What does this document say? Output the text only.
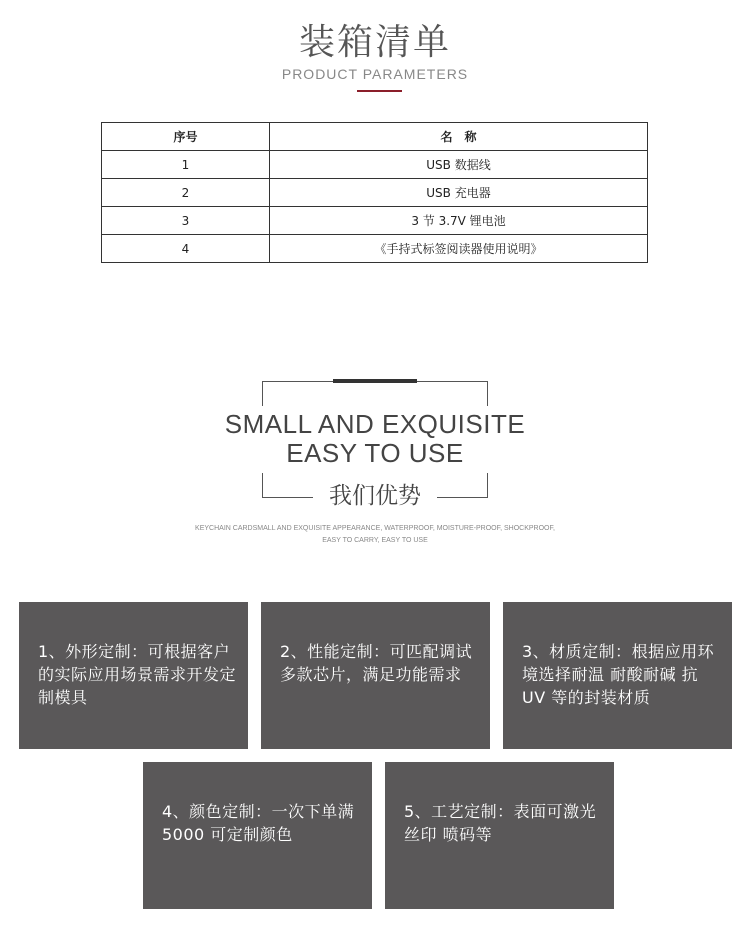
装箱清单
PRODUCT PARAMETERS
序号	名　称
1	USB 数据线
2	USB 充电器
3	3 节 3.7V 锂电池
4	《手持式标签阅读器使用说明》
SMALL AND EXQUISITE
EASY TO USE
我们优势
KEYCHAIN CARDSMALL AND EXQUISITE APPEARANCE, WATERPROOF, MOISTURE-PROOF, SHOCKPROOF,
EASY TO CARRY, EASY TO USE
1、外形定制：可根据客户的实际应用场景需求开发定制模具
2、性能定制：可匹配调试多款芯片，满足功能需求
3、材质定制：根据应用环境选择耐温 耐酸耐碱 抗UV 等的封装材质
4、颜色定制：一次下单满 5000 可定制颜色
5、工艺定制：表面可激光 丝印 喷码等
